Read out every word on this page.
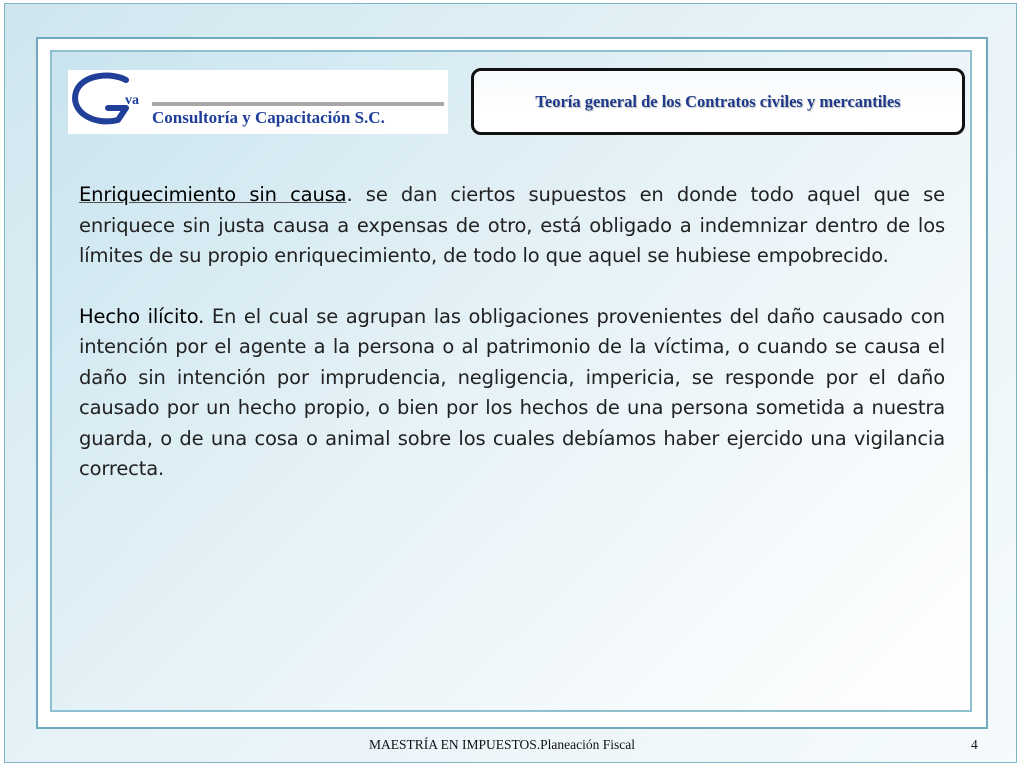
va
Consultoría y Capacitación S.C.
Teoría general de los Contratos civiles y mercantiles

Enriquecimiento sin causa. se dan ciertos supuestos en donde todo aquel que se enriquece sin justa causa a expensas de otro, está obligado a indemnizar dentro de los límites de su propio enriquecimiento, de todo lo que aquel se hubiese empobrecido.

Hecho ilícito. En el cual se agrupan las obligaciones provenientes del daño causado con intención por el agente a la persona o al patrimonio de la víctima, o cuando se causa el daño sin intención por imprudencia, negligencia, impericia, se responde por el daño causado por un hecho propio, o bien por los hechos de una persona sometida a nuestra guarda, o de una cosa o animal sobre los cuales debíamos haber ejercido una vigilancia correcta.

MAESTRÍA EN IMPUESTOS.Planeación Fiscal	4
